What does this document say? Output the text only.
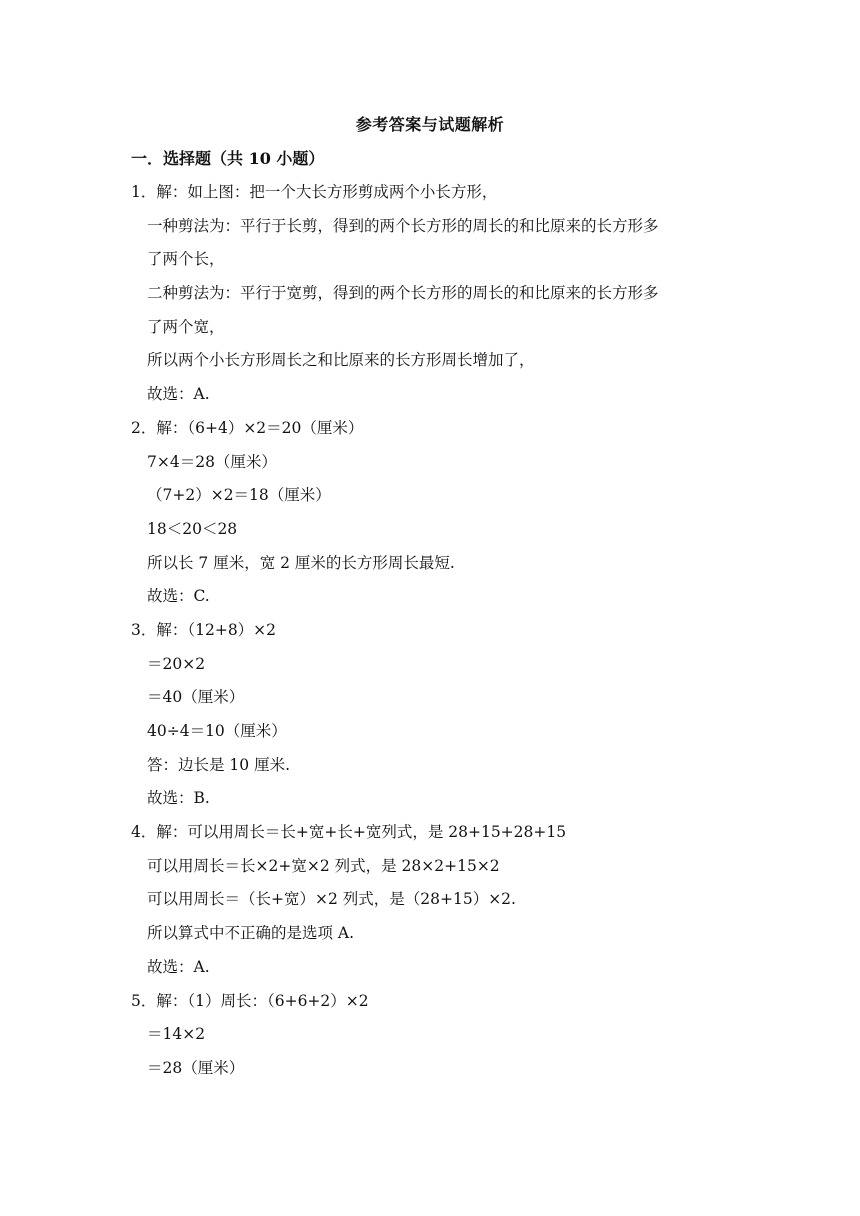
参考答案与试题解析
一．选择题（共 10 小题）
1．解：如上图：把一个大长方形剪成两个小长方形，
一种剪法为：平行于长剪，得到的两个长方形的周长的和比原来的长方形多
了两个长，
二种剪法为：平行于宽剪，得到的两个长方形的周长的和比原来的长方形多
了两个宽，
所以两个小长方形周长之和比原来的长方形周长增加了，
故选：A.
2．解：（6+4）×2＝20（厘米）
7×4＝28（厘米）
（7+2）×2＝18（厘米）
18＜20＜28
所以长 7 厘米，宽 2 厘米的长方形周长最短.
故选：C.
3．解：（12+8）×2
＝20×2
＝40（厘米）
40÷4＝10（厘米）
答：边长是 10 厘米.
故选：B.
4．解：可以用周长＝长+宽+长+宽列式，是 28+15+28+15
可以用周长＝长×2+宽×2 列式，是 28×2+15×2
可以用周长＝（长+宽）×2 列式，是（28+15）×2.
所以算式中不正确的是选项 A.
故选：A.
5．解：（1）周长：（6+6+2）×2
＝14×2
＝28（厘米）
